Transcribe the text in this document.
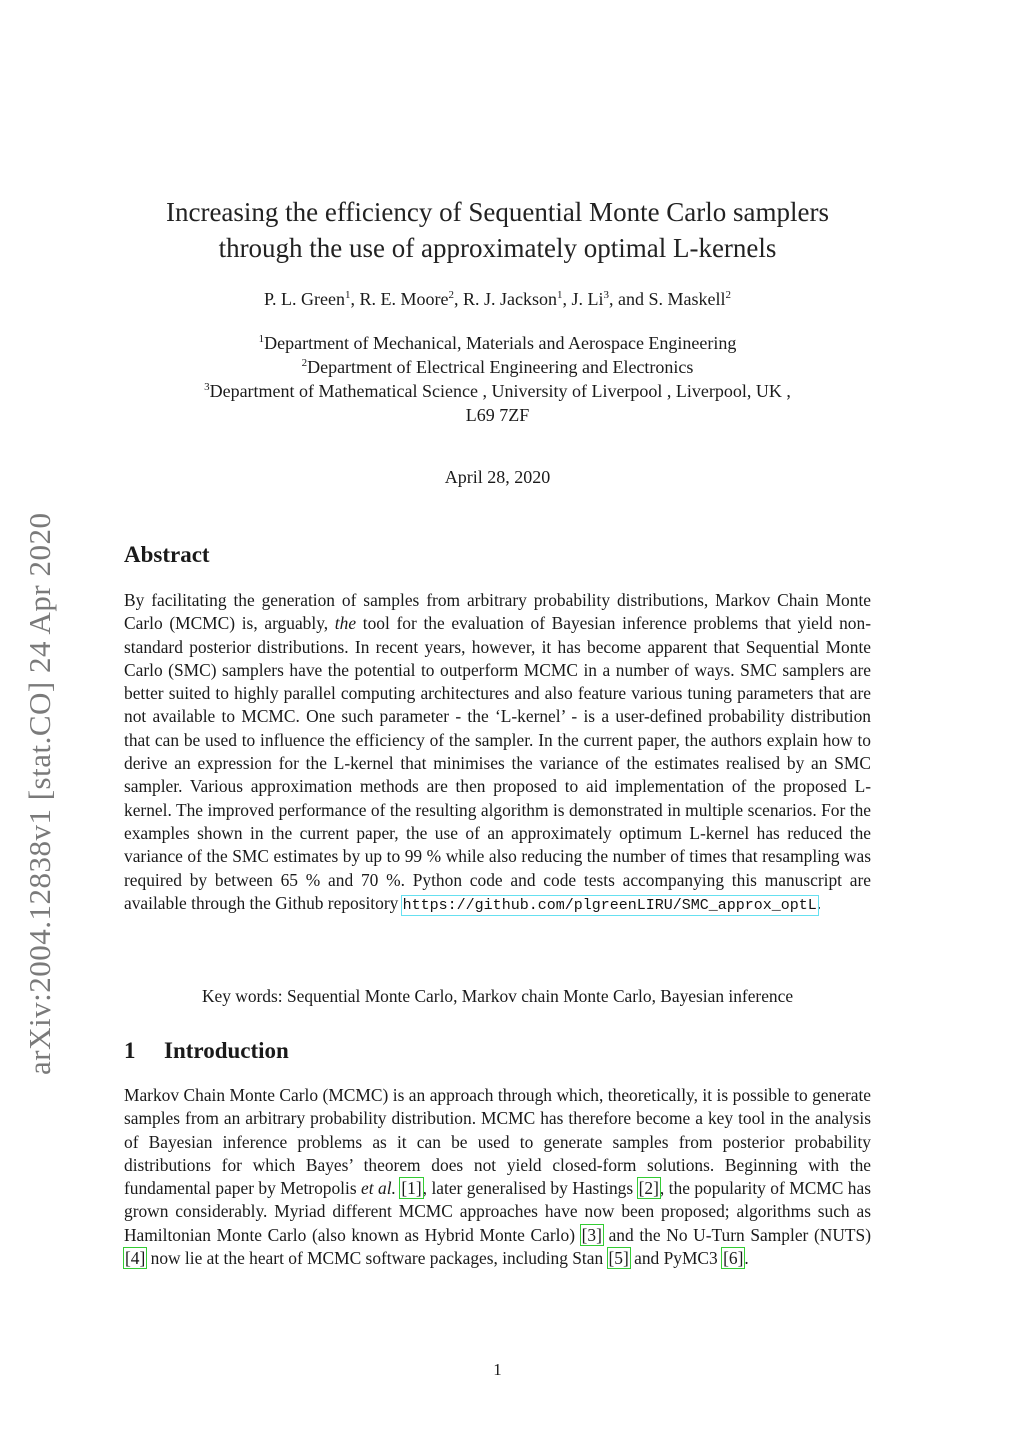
arXiv:2004.12838v1 [stat.CO] 24 Apr 2020
Increasing the efficiency of Sequential Monte Carlo samplers
through the use of approximately optimal L-kernels
P. L. Green$^1$, R. E. Moore$^2$, R. J. Jackson$^1$, J. Li$^3$, and S. Maskell$^2$
$^1$Department of Mechanical, Materials and Aerospace Engineering
$^2$Department of Electrical Engineering and Electronics
$^3$Department of Mathematical Science , University of Liverpool , Liverpool, UK ,
L69 7ZF
April 28, 2020
Abstract
By facilitating the generation of samples from arbitrary probability distributions, Markov Chain Monte Carlo (MCMC) is, arguably, the tool for the evaluation of Bayesian inference problems that yield non-standard posterior distributions. In recent years, however, it has become apparent that Sequential Monte Carlo (SMC) samplers have the potential to outperform MCMC in a number of ways. SMC samplers are better suited to highly parallel computing architectures and also feature various tuning parameters that are not available to MCMC. One such parameter - the ‘L-kernel’ - is a user-defined probability distribution that can be used to influence the efficiency of the sampler. In the current paper, the authors explain how to derive an expression for the L-kernel that minimises the variance of the estimates realised by an SMC sampler. Various approximation methods are then proposed to aid implementation of the proposed L-kernel. The improved performance of the resulting algorithm is demonstrated in multiple scenarios. For the examples shown in the current paper, the use of an approximately optimum L-kernel has reduced the variance of the SMC estimates by up to 99 % while also reducing the number of times that resampling was required by between 65 % and 70 %. Python code and code tests accompanying this manuscript are available through the Github repository https://github.com/plgreenLIRU/SMC_approx_optL.
Key words: Sequential Monte Carlo, Markov chain Monte Carlo, Bayesian inference
1 Introduction
Markov Chain Monte Carlo (MCMC) is an approach through which, theoretically, it is possible to generate samples from an arbitrary probability distribution. MCMC has therefore become a key tool in the analysis of Bayesian inference problems as it can be used to generate samples from posterior probability distributions for which Bayes’ theorem does not yield closed-form solutions. Beginning with the fundamental paper by Metropolis et al. [1], later generalised by Hastings [2], the popularity of MCMC has grown considerably. Myriad different MCMC approaches have now been proposed; algorithms such as Hamiltonian Monte Carlo (also known as Hybrid Monte Carlo) [3] and the No U-Turn Sampler (NUTS) [4] now lie at the heart of MCMC software packages, including Stan [5] and PyMC3 [6].
1
